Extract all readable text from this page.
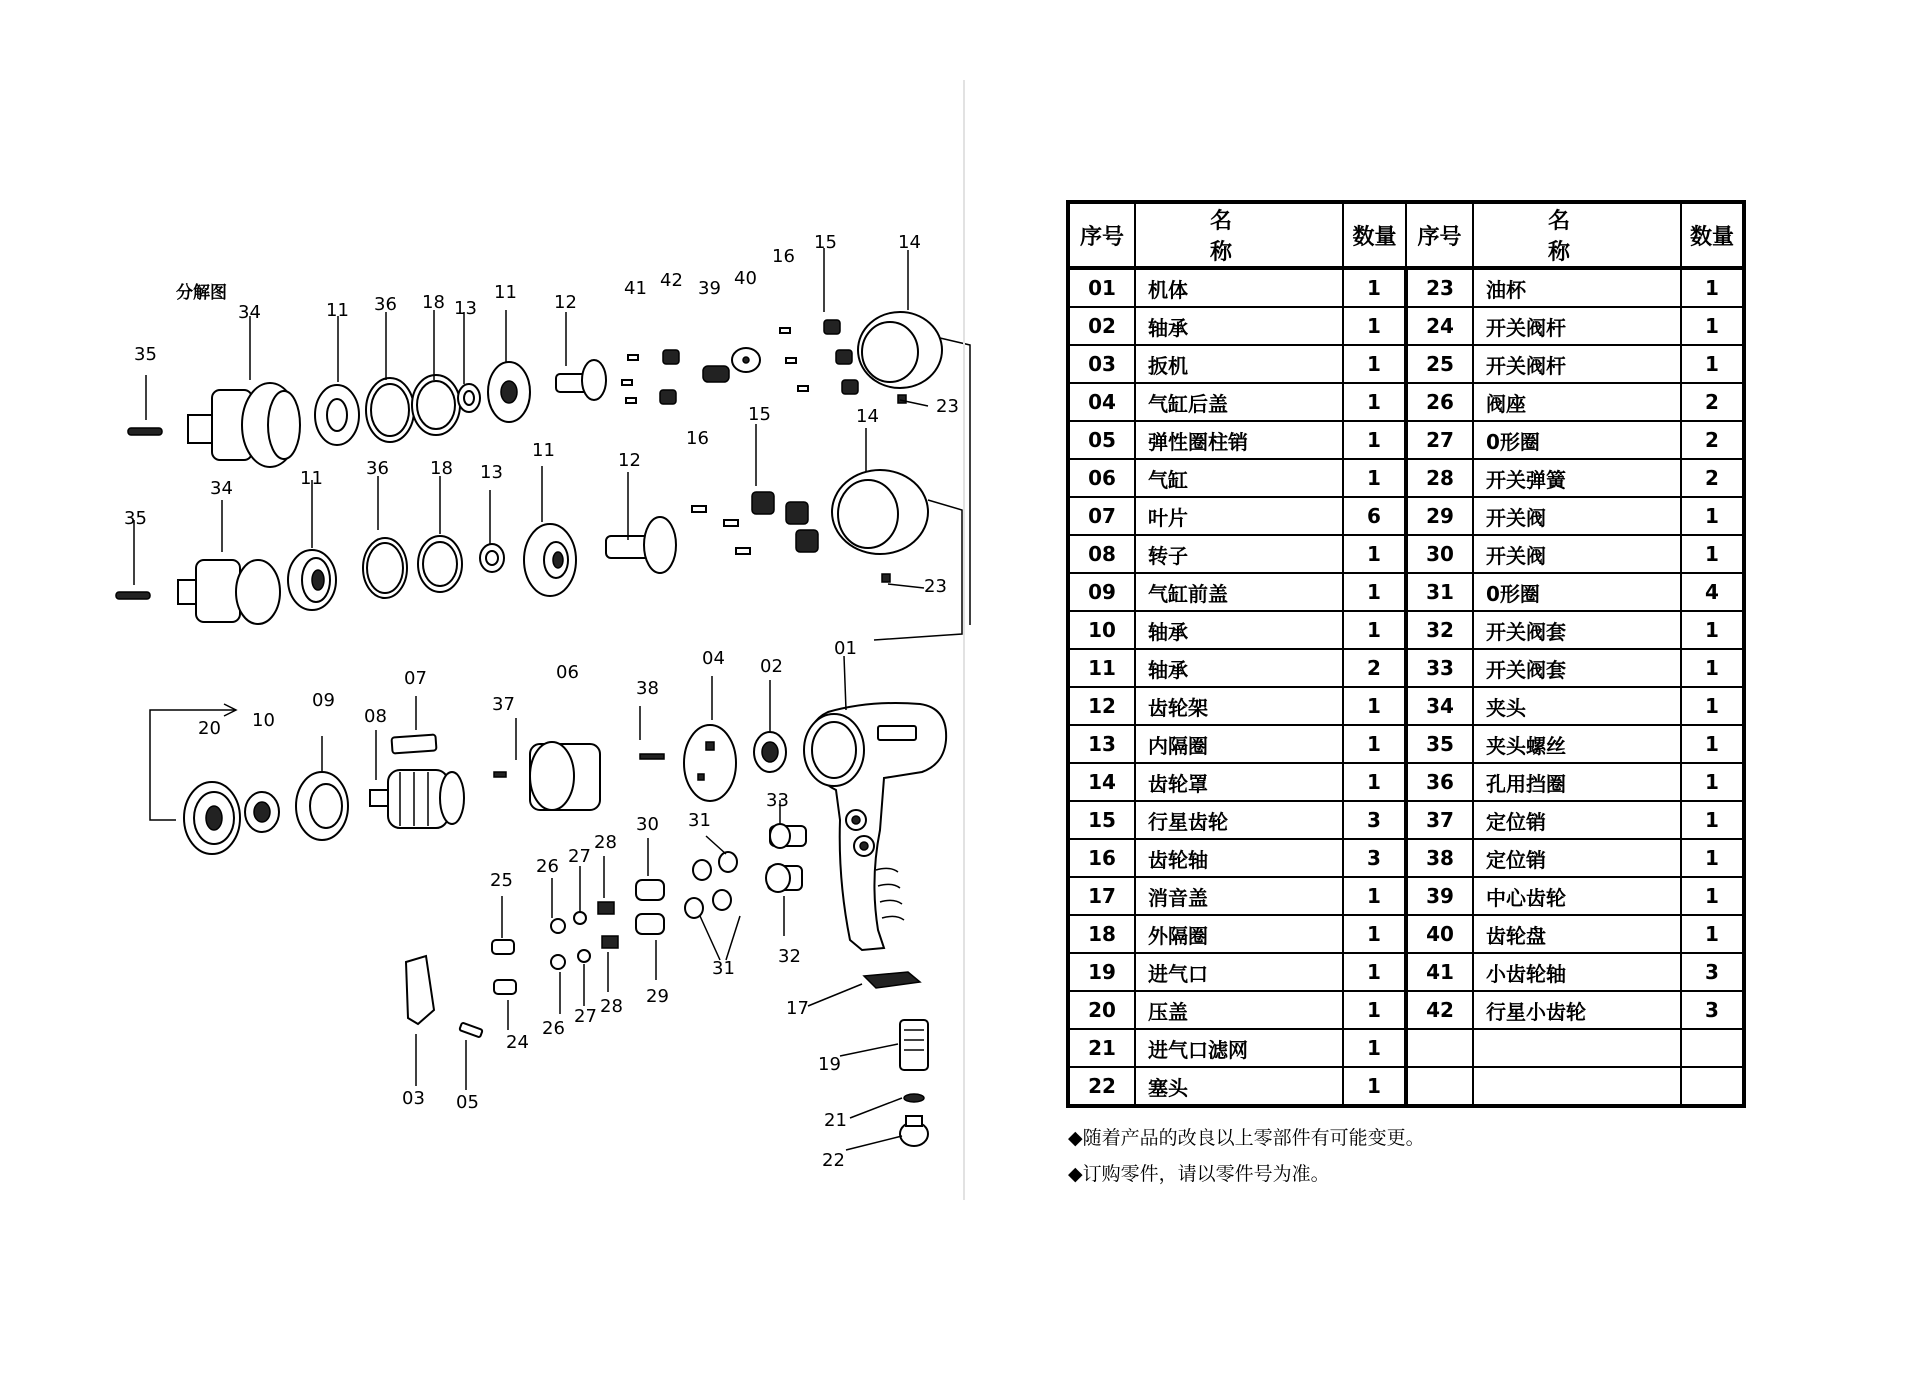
分解图
35
34	11 36 18 13
11 12
41 42 39 40
16
15	14
23
35
34	11 36 18 13
11	12
16
15	14
23
20 10
09
08
07
37
06
38
04 02
01
25
26 27
28
30 31
33
24
26
27 28 29
31
32
03 05
17
19
21
22
序号	名　　称	数量	序号	名　　称	数量
01	机体	1	23	油杯	1
02	轴承	1	24	开关阀杆	1
03	扳机	1	25	开关阀杆	1
04	气缸后盖	1	26	阀座	2
05	弹性圈柱销	1	27	0形圈	2
06	气缸	1	28	开关弹簧	2
07	叶片	6	29	开关阀	1
08	转子	1	30	开关阀	1
09	气缸前盖	1	31	0形圈	4
10	轴承	1	32	开关阀套	1
11	轴承	2	33	开关阀套	1
12	齿轮架	1	34	夹头	1
13	内隔圈	1	35	夹头螺丝	1
14	齿轮罩	1	36	孔用挡圈	1
15	行星齿轮	3	37	定位销	1
16	齿轮轴	3	38	定位销	1
17	消音盖	1	39	中心齿轮	1
18	外隔圈	1	40	齿轮盘	1
19	进气口	1	41	小齿轮轴	3
20	压盖	1	42	行星小齿轮	3
21	进气口滤网	1			
22	塞头	1			
◆随着产品的改良以上零部件有可能变更。
◆订购零件，请以零件号为准。
